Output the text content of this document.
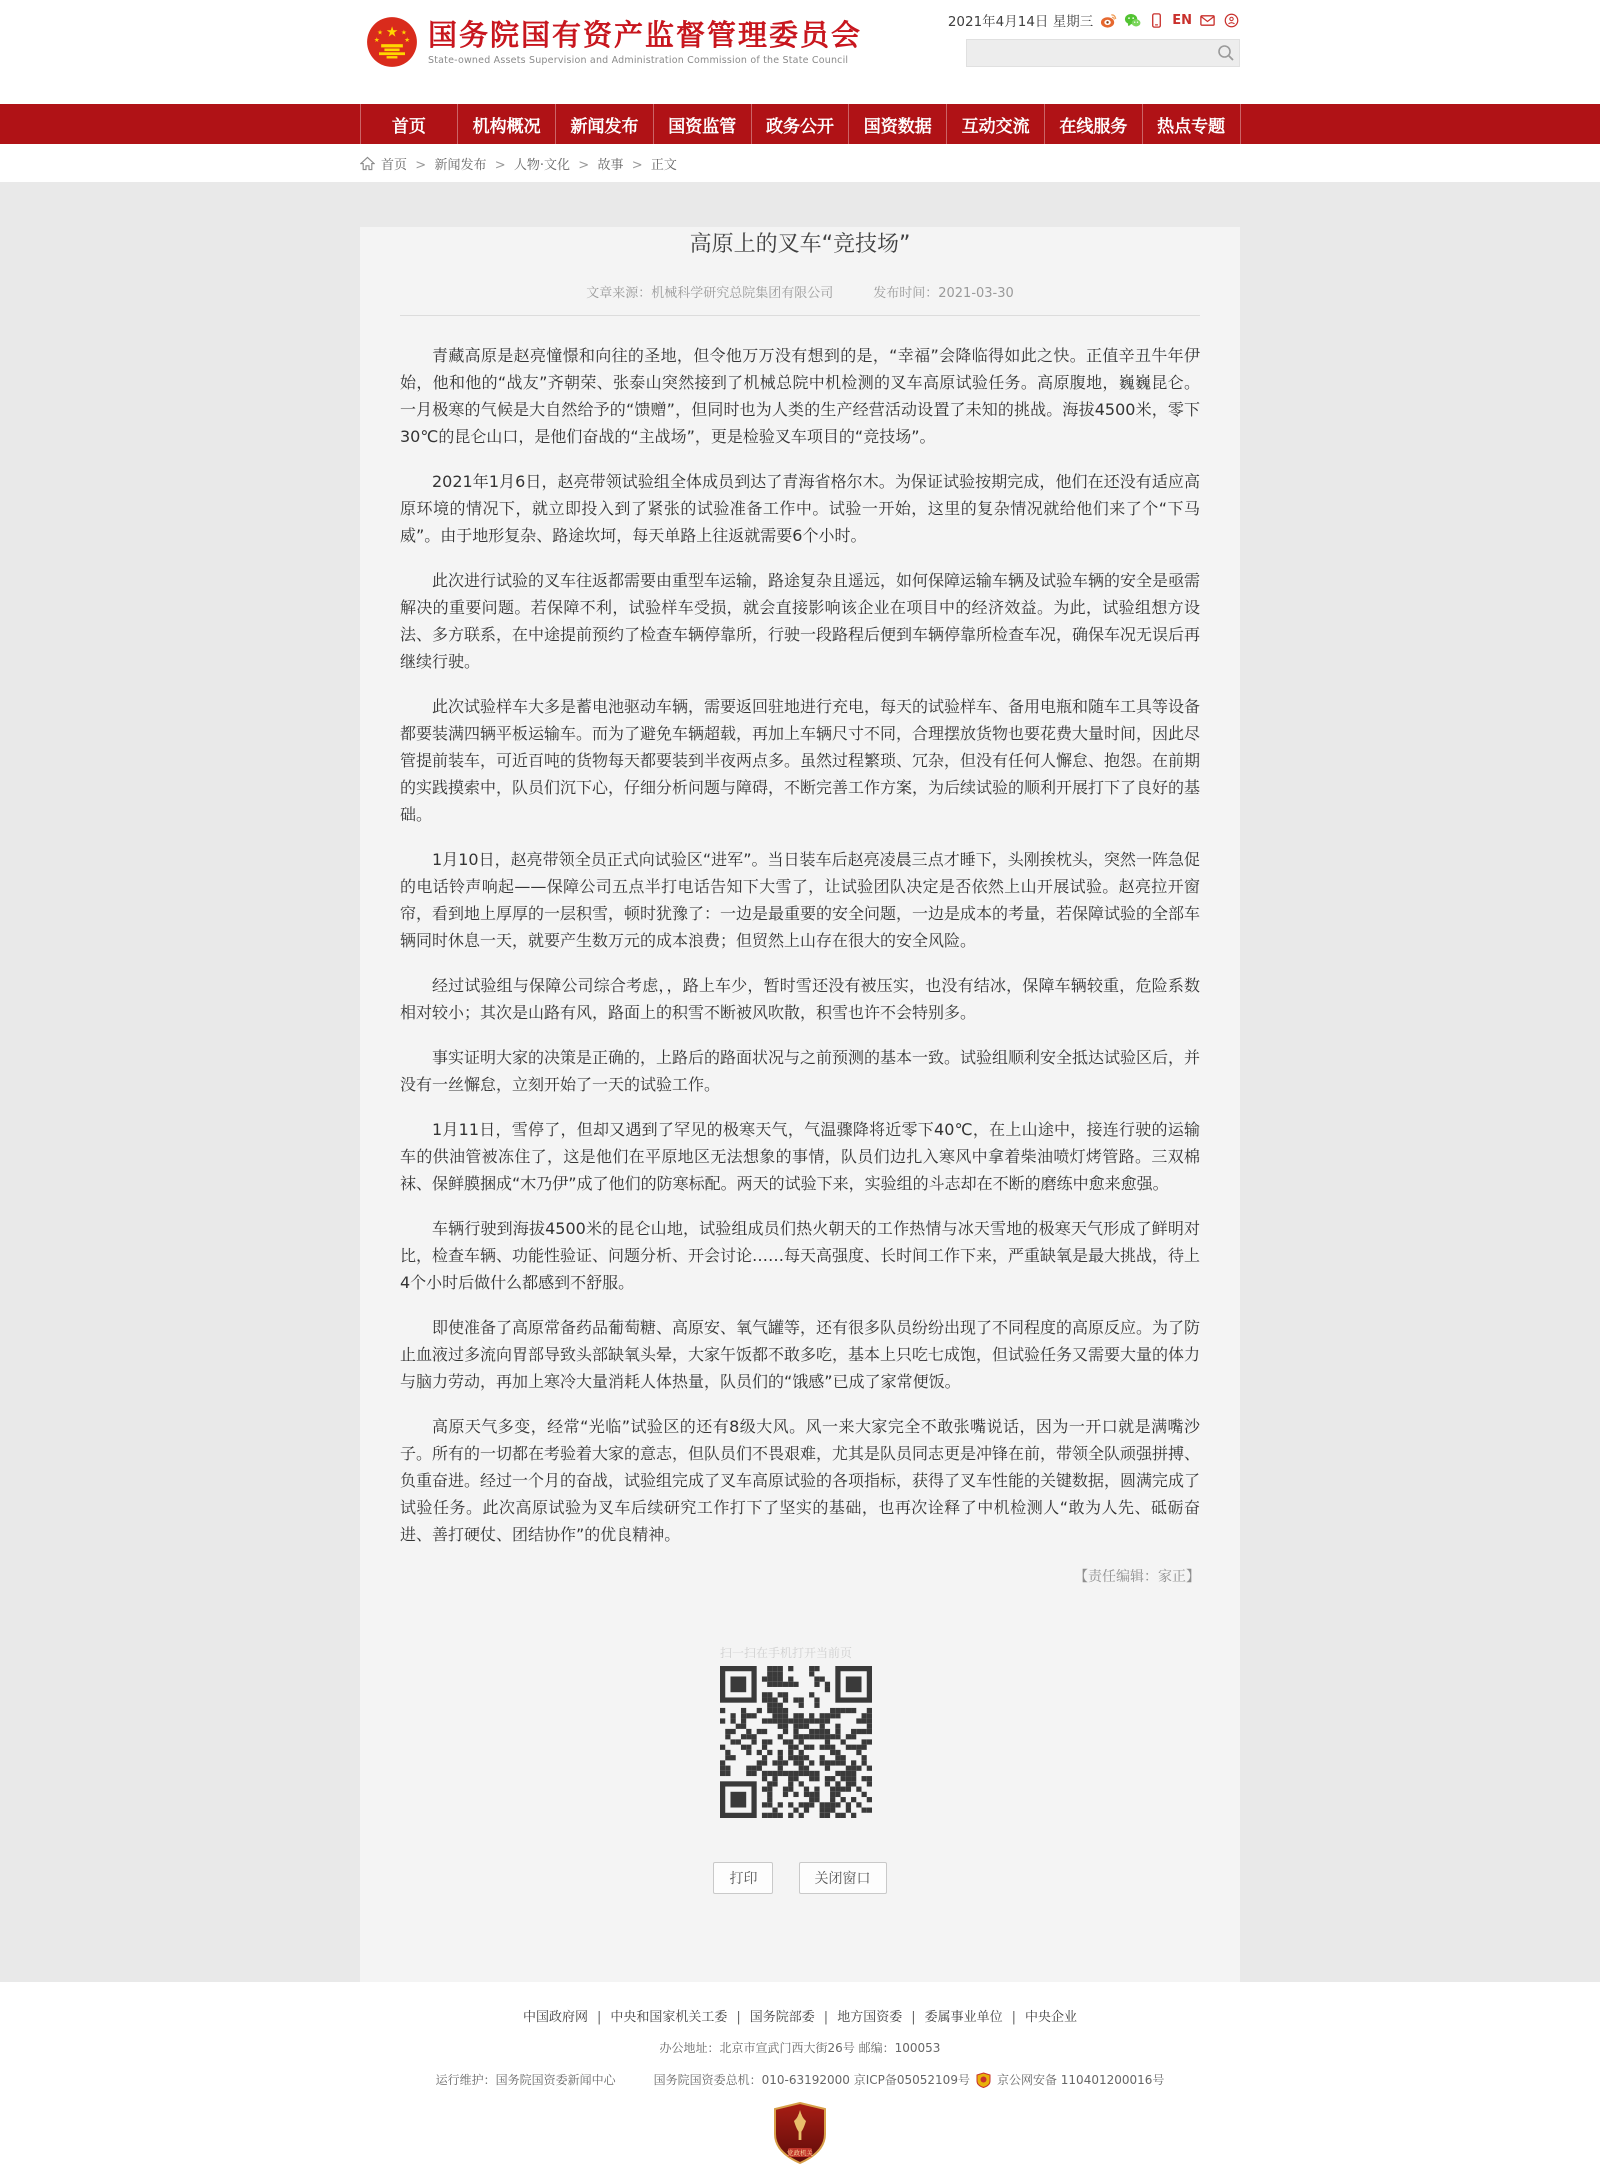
★
★	★
★	★ 国务院国有资产监督管理委员会
State-owned Assets Supervision and Administration Commission of the State Council
2021年4月14日 星期三	EN
首页	机构概况	新闻发布	国资监管	政务公开	国资数据	互动交流	在线服务	热点专题
首页  > 新闻发布  > 人物·文化  > 故事  > 正文
高原上的叉车“竞技场”
文章来源：机械科学研究总院集团有限公司	发布时间：2021-03-30

青藏高原是赵亮憧憬和向往的圣地，但令他万万没有想到的是，“幸福”会降临得如此之快。正值辛丑牛年伊始，他和他的“战友”齐朝荣、张泰山突然接到了机械总院中机检测的叉车高原试验任务。高原腹地，巍巍昆仑。一月极寒的气候是大自然给予的“馈赠”，但同时也为人类的生产经营活动设置了未知的挑战。海拔4500米，零下30℃的昆仑山口，是他们奋战的“主战场”，更是检验叉车项目的“竞技场”。

2021年1月6日，赵亮带领试验组全体成员到达了青海省格尔木。为保证试验按期完成，他们在还没有适应高原环境的情况下，就立即投入到了紧张的试验准备工作中。试验一开始，这里的复杂情况就给他们来了个“下马威”。由于地形复杂、路途坎坷，每天单路上往返就需要6个小时。

此次进行试验的叉车往返都需要由重型车运输，路途复杂且遥远，如何保障运输车辆及试验车辆的安全是亟需解决的重要问题。若保障不利，试验样车受损，就会直接影响该企业在项目中的经济效益。为此，试验组想方设法、多方联系，在中途提前预约了检查车辆停靠所，行驶一段路程后便到车辆停靠所检查车况，确保车况无误后再继续行驶。

此次试验样车大多是蓄电池驱动车辆，需要返回驻地进行充电，每天的试验样车、备用电瓶和随车工具等设备都要装满四辆平板运输车。而为了避免车辆超载，再加上车辆尺寸不同，合理摆放货物也要花费大量时间，因此尽管提前装车，可近百吨的货物每天都要装到半夜两点多。虽然过程繁琐、冗杂，但没有任何人懈怠、抱怨。在前期的实践摸索中，队员们沉下心，仔细分析问题与障碍，不断完善工作方案，为后续试验的顺利开展打下了良好的基础。

1月10日，赵亮带领全员正式向试验区“进军”。当日装车后赵亮凌晨三点才睡下，头刚挨枕头，突然一阵急促的电话铃声响起——保障公司五点半打电话告知下大雪了，让试验团队决定是否依然上山开展试验。赵亮拉开窗帘，看到地上厚厚的一层积雪，顿时犹豫了：一边是最重要的安全问题，一边是成本的考量，若保障试验的全部车辆同时休息一天，就要产生数万元的成本浪费；但贸然上山存在很大的安全风险。

经过试验组与保障公司综合考虑，，路上车少，暂时雪还没有被压实，也没有结冰，保障车辆较重，危险系数相对较小；其次是山路有风，路面上的积雪不断被风吹散，积雪也许不会特别多。

事实证明大家的决策是正确的，上路后的路面状况与之前预测的基本一致。试验组顺利安全抵达试验区后，并没有一丝懈怠，立刻开始了一天的试验工作。

1月11日，雪停了，但却又遇到了罕见的极寒天气，气温骤降将近零下40℃，在上山途中，接连行驶的运输车的供油管被冻住了，这是他们在平原地区无法想象的事情，队员们边扎入寒风中拿着柴油喷灯烤管路。三双棉袜、保鲜膜捆成“木乃伊”成了他们的防寒标配。两天的试验下来，实验组的斗志却在不断的磨练中愈来愈强。

车辆行驶到海拔4500米的昆仑山地，试验组成员们热火朝天的工作热情与冰天雪地的极寒天气形成了鲜明对比，检查车辆、功能性验证、问题分析、开会讨论……每天高强度、长时间工作下来，严重缺氧是最大挑战，待上4个小时后做什么都感到不舒服。

即使准备了高原常备药品葡萄糖、高原安、氧气罐等，还有很多队员纷纷出现了不同程度的高原反应。为了防止血液过多流向胃部导致头部缺氧头晕，大家午饭都不敢多吃，基本上只吃七成饱，但试验任务又需要大量的体力与脑力劳动，再加上寒冷大量消耗人体热量，队员们的“饿感”已成了家常便饭。

高原天气多变，经常“光临”试验区的还有8级大风。风一来大家完全不敢张嘴说话，因为一开口就是满嘴沙子。所有的一切都在考验着大家的意志，但队员们不畏艰难，尤其是队员同志更是冲锋在前，带领全队顽强拼搏、负重奋进。经过一个月的奋战，试验组完成了叉车高原试验的各项指标，获得了叉车性能的关键数据，圆满完成了试验任务。此次高原试验为叉车后续研究工作打下了坚实的基础，也再次诠释了中机检测人“敢为人先、砥砺奋进、善打硬仗、团结协作”的优良精神。

【责任编辑：家正】
扫一扫在手机打开当前页
打印	关闭窗口
中国政府网 | 中央和国家机关工委 | 国务院部委 | 地方国资委 | 委属事业单位 | 中央企业
办公地址：北京市宣武门西大街26号 邮编：100053
运行维护：国务院国资委新闻中心	国务院国资委总机：010-63192000 京ICP备05052109号 京公网安备 110401200016号
党政机关
